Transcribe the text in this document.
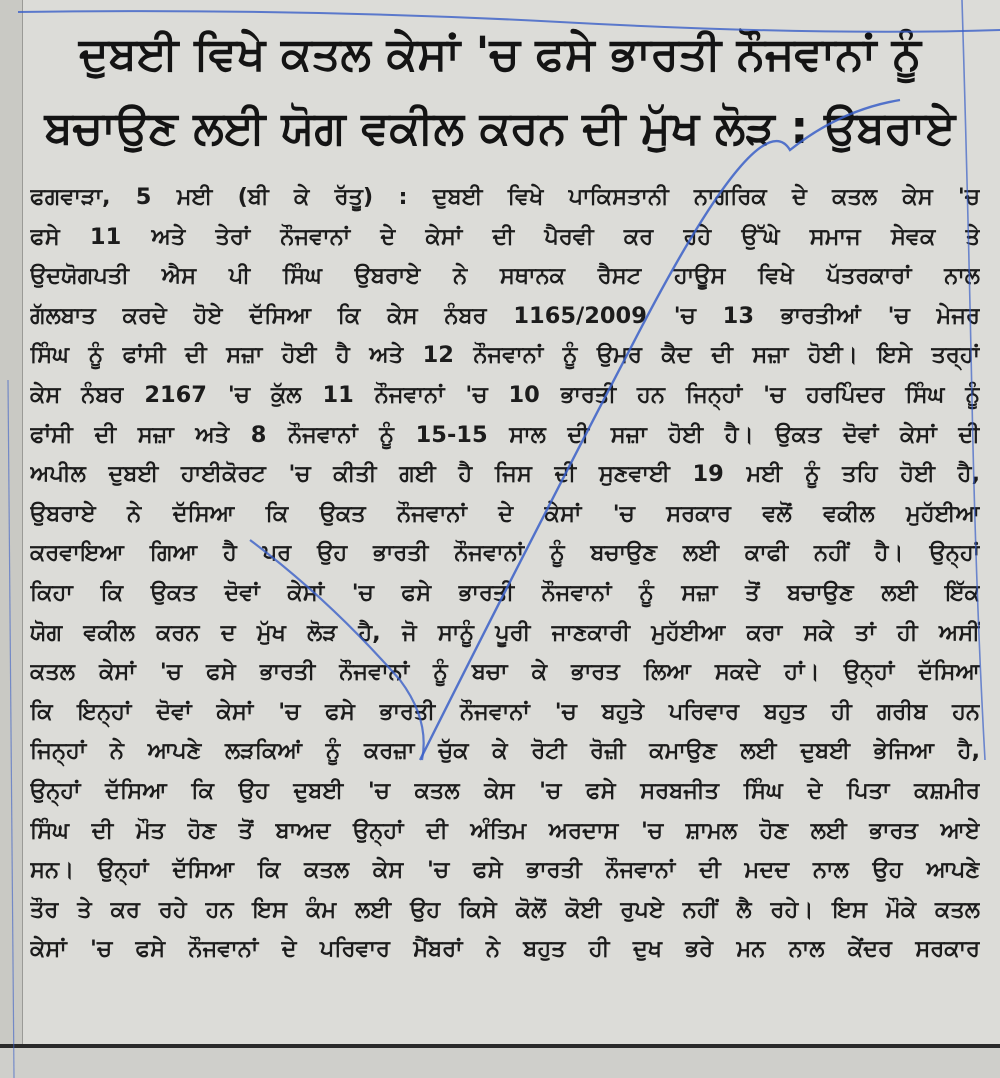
ਦੁਬਈ ਵਿਖੇ ਕਤਲ ਕੇਸਾਂ 'ਚ ਫਸੇ ਭਾਰਤੀ ਨੌਜਵਾਨਾਂ ਨੂੰ
ਬਚਾਉਣ ਲਈ ਯੋਗ ਵਕੀਲ ਕਰਨ ਦੀ ਮੁੱਖ ਲੋੜ : ਉਬਰਾਏ
ਫਗਵਾੜਾ, 5 ਮਈ (ਬੀ ਕੇ ਰੱਤੂ) : ਦੁਬਈ ਵਿਖੇ ਪਾਕਿਸਤਾਨੀ ਨਾਗਰਿਕ ਦੇ ਕਤਲ ਕੇਸ 'ਚ
ਫਸੇ 11 ਅਤੇ ਤੇਰਾਂ ਨੌਜਵਾਨਾਂ ਦੇ ਕੇਸਾਂ ਦੀ ਪੈਰਵੀ ਕਰ ਰਹੇ ਉੱਘੇ ਸਮਾਜ ਸੇਵਕ ਤੇ
ਉਦਯੋਗਪਤੀ ਐਸ ਪੀ ਸਿੰਘ ਉਬਰਾਏ ਨੇ ਸਥਾਨਕ ਰੈਸਟ ਹਾਊਸ ਵਿਖੇ ਪੱਤਰਕਾਰਾਂ ਨਾਲ
ਗੱਲਬਾਤ ਕਰਦੇ ਹੋਏ ਦੱਸਿਆ ਕਿ ਕੇਸ ਨੰਬਰ 1165/2009 'ਚ 13 ਭਾਰਤੀਆਂ 'ਚ ਮੇਜਰ
ਸਿੰਘ ਨੂੰ ਫਾਂਸੀ ਦੀ ਸਜ਼ਾ ਹੋਈ ਹੈ ਅਤੇ 12 ਨੌਜਵਾਨਾਂ ਨੂੰ ਉਮਰ ਕੈਦ ਦੀ ਸਜ਼ਾ ਹੋਈ। ਇਸੇ ਤਰ੍ਹਾਂ
ਕੇਸ ਨੰਬਰ 2167 'ਚ ਕੁੱਲ 11 ਨੌਜਵਾਨਾਂ 'ਚ 10 ਭਾਰਤੀ ਹਨ ਜਿਨ੍ਹਾਂ 'ਚ ਹਰਪਿੰਦਰ ਸਿੰਘ ਨੂੰ
ਫਾਂਸੀ ਦੀ ਸਜ਼ਾ ਅਤੇ 8 ਨੌਜਵਾਨਾਂ ਨੂੰ 15-15 ਸਾਲ ਦੀ ਸਜ਼ਾ ਹੋਈ ਹੈ। ਉਕਤ ਦੋਵਾਂ ਕੇਸਾਂ ਦੀ
ਅਪੀਲ ਦੁਬਈ ਹਾਈਕੋਰਟ 'ਚ ਕੀਤੀ ਗਈ ਹੈ ਜਿਸ ਦੀ ਸੁਣਵਾਈ 19 ਮਈ ਨੂੰ ਤਹਿ ਹੋਈ ਹੈ,
ਉਬਰਾਏ ਨੇ ਦੱਸਿਆ ਕਿ ਉਕਤ ਨੌਜਵਾਨਾਂ ਦੇ ਕੇਸਾਂ 'ਚ ਸਰਕਾਰ ਵਲੋਂ ਵਕੀਲ ਮੁਹੱਈਆ
ਕਰਵਾਇਆ ਗਿਆ ਹੈ ਪਰ ਉਹ ਭਾਰਤੀ ਨੌਜਵਾਨਾਂ ਨੂੰ ਬਚਾਉਣ ਲਈ ਕਾਫੀ ਨਹੀਂ ਹੈ। ਉਨ੍ਹਾਂ
ਕਿਹਾ ਕਿ ਉਕਤ ਦੋਵਾਂ ਕੇਸਾਂ 'ਚ ਫਸੇ ਭਾਰਤੀ ਨੌਜਵਾਨਾਂ ਨੂੰ ਸਜ਼ਾ ਤੋਂ ਬਚਾਉਣ ਲਈ ਇੱਕ
ਯੋਗ ਵਕੀਲ ਕਰਨ ਦ ਮੁੱਖ ਲੋੜ ਹੈ, ਜੋ ਸਾਨੂੰ ਪੂਰੀ ਜਾਣਕਾਰੀ ਮੁਹੱਈਆ ਕਰਾ ਸਕੇ ਤਾਂ ਹੀ ਅਸੀਂ
ਕਤਲ ਕੇਸਾਂ 'ਚ ਫਸੇ ਭਾਰਤੀ ਨੌਜਵਾਨਾਂ ਨੂੰ ਬਚਾ ਕੇ ਭਾਰਤ ਲਿਆ ਸਕਦੇ ਹਾਂ। ਉਨ੍ਹਾਂ ਦੱਸਿਆ
ਕਿ ਇਨ੍ਹਾਂ ਦੋਵਾਂ ਕੇਸਾਂ 'ਚ ਫਸੇ ਭਾਰਤੀ ਨੌਜਵਾਨਾਂ 'ਚ ਬਹੁਤੇ ਪਰਿਵਾਰ ਬਹੁਤ ਹੀ ਗਰੀਬ ਹਨ
ਜਿਨ੍ਹਾਂ ਨੇ ਆਪਣੇ ਲੜਕਿਆਂ ਨੂੰ ਕਰਜ਼ਾ ਚੁੱਕ ਕੇ ਰੋਟੀ ਰੋਜ਼ੀ ਕਮਾਉਣ ਲਈ ਦੁਬਈ ਭੇਜਿਆ ਹੈ,
ਉਨ੍ਹਾਂ ਦੱਸਿਆ ਕਿ ਉਹ ਦੁਬਈ 'ਚ ਕਤਲ ਕੇਸ 'ਚ ਫਸੇ ਸਰਬਜੀਤ ਸਿੰਘ ਦੇ ਪਿਤਾ ਕਸ਼ਮੀਰ
ਸਿੰਘ ਦੀ ਮੌਤ ਹੋਣ ਤੋਂ ਬਾਅਦ ਉਨ੍ਹਾਂ ਦੀ ਅੰਤਿਮ ਅਰਦਾਸ 'ਚ ਸ਼ਾਮਲ ਹੋਣ ਲਈ ਭਾਰਤ ਆਏ
ਸਨ। ਉਨ੍ਹਾਂ ਦੱਸਿਆ ਕਿ ਕਤਲ ਕੇਸ 'ਚ ਫਸੇ ਭਾਰਤੀ ਨੌਜਵਾਨਾਂ ਦੀ ਮਦਦ ਨਾਲ ਉਹ ਆਪਣੇ
ਤੌਰ ਤੇ ਕਰ ਰਹੇ ਹਨ ਇਸ ਕੰਮ ਲਈ ਉਹ ਕਿਸੇ ਕੋਲੋਂ ਕੋਈ ਰੁਪਏ ਨਹੀਂ ਲੈ ਰਹੇ। ਇਸ ਮੌਕੇ ਕਤਲ
ਕੇਸਾਂ 'ਚ ਫਸੇ ਨੌਜਵਾਨਾਂ ਦੇ ਪਰਿਵਾਰ ਮੈਂਬਰਾਂ ਨੇ ਬਹੁਤ ਹੀ ਦੁਖ ਭਰੇ ਮਨ ਨਾਲ ਕੇਂਦਰ ਸਰਕਾਰ
